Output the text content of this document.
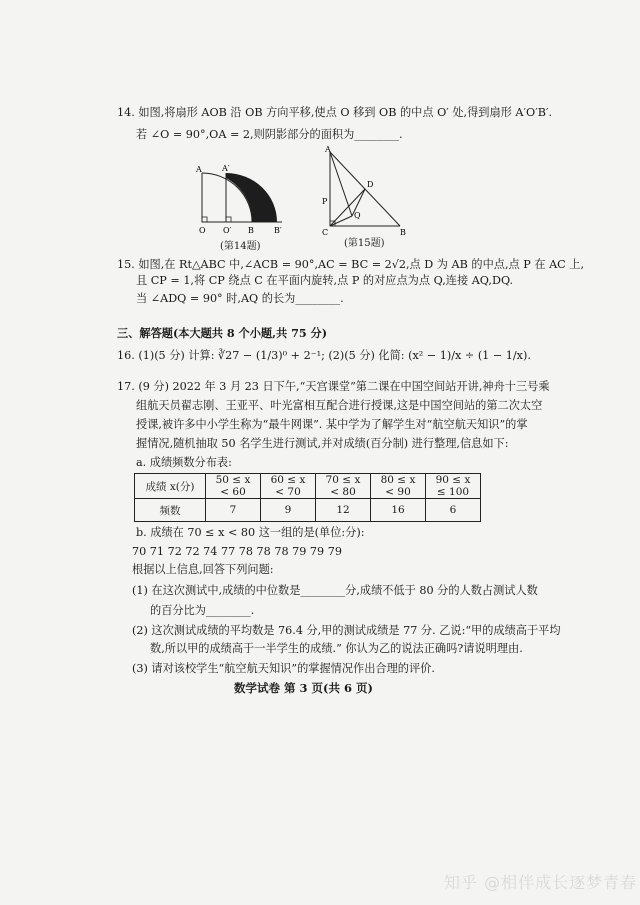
14. 如图,将扇形 AOB 沿 OB 方向平移,使点 O 移到 OB 的中点 O′ 处,得到扇形 A′O′B′.
若 ∠O = 90°,OA = 2,则阴影部分的面积为________.
A	A′
O O′ B	B′
(第14题)
A
D
P
Q
C	B
(第15题)
15. 如图,在 Rt△ABC 中,∠ACB = 90°,AC = BC = 2√2,点 D 为 AB 的中点,点 P 在 AC 上,
且 CP = 1,将 CP 绕点 C 在平面内旋转,点 P 的对应点为点 Q,连接 AQ,DQ.
当 ∠ADQ = 90° 时,AQ 的长为________.
三、解答题(本大题共 8 个小题,共 75 分)
16. (1)(5 分) 计算: ∛27 − (1/3)⁰ + 2⁻¹; (2)(5 分) 化简: (x² − 1)/x ÷ (1 − 1/x).
17. (9 分) 2022 年 3 月 23 日下午,“天宫课堂”第二课在中国空间站开讲,神舟十三号乘
组航天员翟志刚、王亚平、叶光富相互配合进行授课,这是中国空间站的第二次太空
授课,被许多中小学生称为“最牛网课”. 某中学为了解学生对“航空航天知识”的掌
握情况,随机抽取 50 名学生进行测试,并对成绩(百分制) 进行整理,信息如下:
a. 成绩频数分布表:
成绩 x(分)	50 ≤ x < 60	60 ≤ x < 70	70 ≤ x < 80	80 ≤ x < 90	90 ≤ x ≤ 100
频数	7	9	12	16	6
b. 成绩在 70 ≤ x < 80 这一组的是(单位:分):
70 71 72 72 74 77 78 78 78 79 79 79
根据以上信息,回答下列问题:
(1) 在这次测试中,成绩的中位数是________分,成绩不低于 80 分的人数占测试人数
的百分比为________.
(2) 这次测试成绩的平均数是 76.4 分,甲的测试成绩是 77 分. 乙说:“甲的成绩高于平均
数,所以甲的成绩高于一半学生的成绩.” 你认为乙的说法正确吗?请说明理由.
(3) 请对该校学生“航空航天知识”的掌握情况作出合理的评价.
数学试卷 第 3 页(共 6 页)
知乎 @相伴成长逐梦青春
